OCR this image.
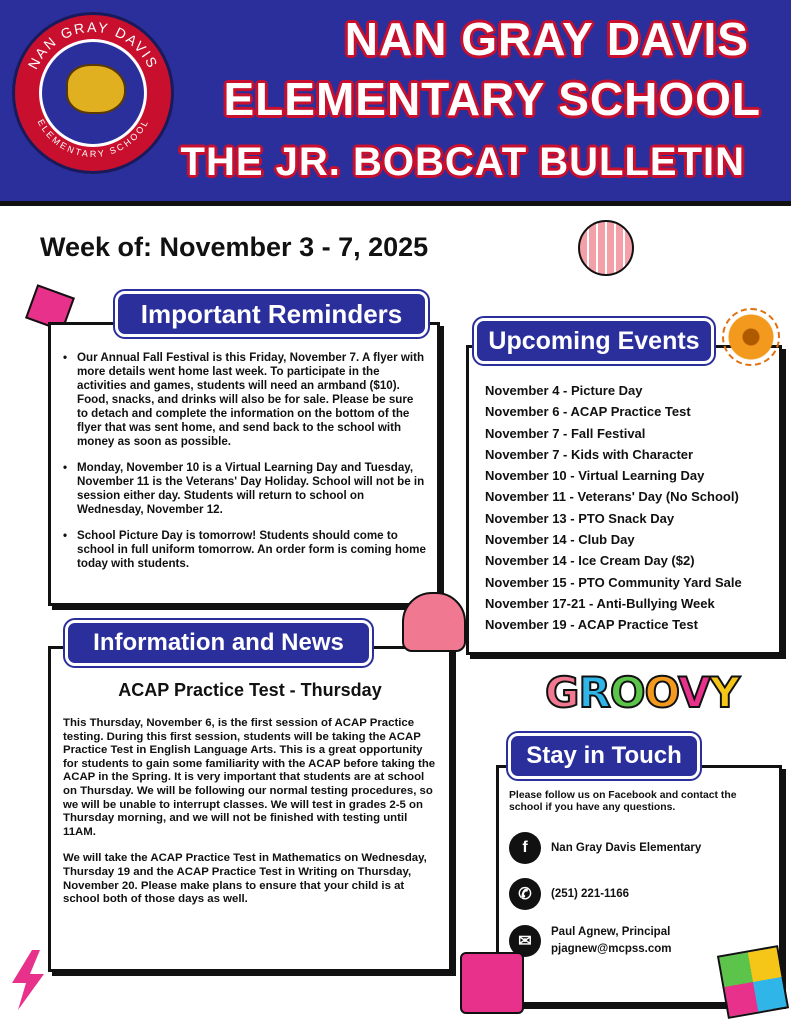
NAN GRAY DAVIS
ELEMENTARY SCHOOL
NAN GRAY DAVIS
ELEMENTARY SCHOOL
THE JR. BOBCAT BULLETIN
Week of: November 3 - 7, 2025
• Our Annual Fall Festival is this Friday, November 7. A flyer with more details went home last week. To participate in the activities and games, students will need an armband ($10). Food, snacks, and drinks will also be for sale. Please be sure to detach and complete the information on the bottom of the flyer that was sent home, and send back to the school with money as soon as possible.
• Monday, November 10 is a Virtual Learning Day and Tuesday, November 11 is the Veterans' Day Holiday. School will not be in session either day. Students will return to school on Wednesday, November 12.
• School Picture Day is tomorrow! Students should come to school in full uniform tomorrow. An order form is coming home today with students.
Important Reminders
November 4 - Picture Day
November 6 - ACAP Practice Test
November 7 - Fall Festival
November 7 - Kids with Character
November 10 - Virtual Learning Day
November 11 - Veterans' Day (No School)
November 13 - PTO Snack Day
November 14 - Club Day
November 14 - Ice Cream Day ($2)
November 15 - PTO Community Yard Sale
November 17-21 - Anti-Bullying Week
November 19 - ACAP Practice Test
Upcoming Events

This Thursday, November 6, is the first session of ACAP Practice testing. During this first session, students will be taking the ACAP Practice Test in English Language Arts. This is a great opportunity for students to gain some familiarity with the ACAP before taking the ACAP in the Spring. It is very important that students are at school on Thursday. We will be following our normal testing procedures, so we will be unable to interrupt classes. We will test in grades 2-5 on Thursday morning, and we will not be finished with testing until 11AM.

We will take the ACAP Practice Test in Mathematics on Wednesday, Thursday 19 and the ACAP Practice Test in Writing on Thursday, November 20. Please make plans to ensure that your child is at school both of those days as well.

Information and News
ACAP Practice Test - Thursday	GROOVY
Please follow us on Facebook and contact the school if you have any questions.
f	Nan Gray Davis Elementary
✆	(251) 221-1166
✉
Paul Agnew, Principal
pjagnew@mcpss.com
Stay in Touch
